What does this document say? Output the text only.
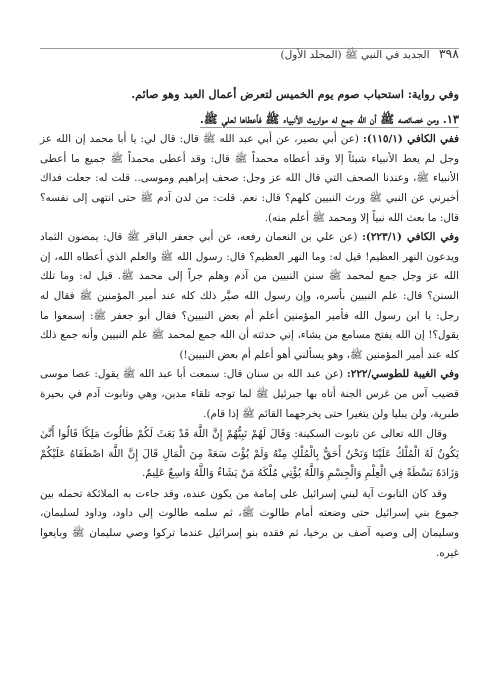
٣٩٨ الجديد في النبي ﷺ (المجلد الأول)

وفي رواية: استحباب صوم يوم الخميس لتعرض أعمال العبد وهو صائم.

١٣. ومن خصائصه ﷺ أن الله جمع له مواريث الأنبياء ﷺ فأعطاها لعلي ﷺ.

ففي الكافي (١١٥/١): (عن أبي بصير، عن أبي عبد الله ﷺ قال: قال لي: يا أبا محمد إن الله عز وجل لم يعط الأنبياء شيئاً إلا وقد أعطاه محمداً ﷺ قال: وقد أعطى محمداً ﷺ جميع ما أعطى الأنبياء ﷺ، وعندنا الصحف التي قال الله عز وجل: صحف إبراهيم وموسى.. قلت له: جعلت فداك أخبرني عن النبي ﷺ ورث النبيين كلهم؟ قال: نعم. قلت: من لدن آدم ﷺ حتى انتهى إلى نفسه؟ قال: ما بعث الله نبياً إلا ومحمد ﷺ أعلم منه).

وفي الكافي (٢٢٣/١): (عن علي بن النعمان رفعه، عن أبي جعفر الباقر ﷺ قال: يمصون الثماد ويدعون النهر العظيم! قيل له: وما النهر العظيم؟ قال: رسول الله ﷺ والعلم الذي أعطاه الله، إن الله عز وجل جمع لمحمد ﷺ سنن النبيين من آدم وهلم جراً إلى محمد ﷺ. قيل له: وما تلك السنن؟ قال: علم النبيين بأسره، وإن رسول الله صيَّر ذلك كله عند أمير المؤمنين ﷺ فقال له رجل: يا ابن رسول الله فأمير المؤمنين أعلم أم بعض النبيين؟ فقال أبو جعفر ﷺ: إسمعوا ما يقول؟! إن الله يفتح مسامع من يشاء، إني حدثته أن الله جمع لمحمد ﷺ علم النبيين وأنه جمع ذلك كله عند أمير المؤمنين ﷺ، وهو يسألني أهو أعلم أم بعض النبيين!)

وفي الغيبة للطوسي/٢٢٢: (عن عبد الله بن سنان قال: سمعت أبا عبد الله ﷺ يقول: عصا موسى قضيب آس من غرس الجنة أتاه بها جبرئيل ﷺ لما توجه تلقاء مدين، وهي وتابوت آدم في بحيرة طبرية، ولن يبليا ولن يتغيرا حتى يخرجهما القائم ﷺ إذا قام).

وقال الله تعالى عن تابوت السكينة: وَقَالَ لَهُمْ نَبِيُّهُمْ إِنَّ اللَّهَ قَدْ بَعَثَ لَكُمْ طَالُوتَ مَلِكًا قَالُوا أَنَّىٰ يَكُونُ لَهُ الْمُلْكُ عَلَيْنَا وَنَحْنُ أَحَقُّ بِالْمُلْكِ مِنْهُ وَلَمْ يُؤْتَ سَعَةً مِنَ الْمَالِ قَالَ إِنَّ اللَّهَ اصْطَفَاهُ عَلَيْكُمْ وَزَادَهُ بَسْطَةً فِي الْعِلْمِ وَالْجِسْمِ وَاللَّهُ يُؤْتِي مُلْكَهُ مَنْ يَشَاءُ وَاللَّهُ وَاسِعٌ عَلِيمٌ.

وقد كان التابوت آية لبني إسرائيل على إمامة من يكون عنده، وقد جاءت به الملائكة تحمله بين جموع بني إسرائيل حتى وضعته أمام طالوت ﷺ، ثم سلمه طالوت إلى داود، وداود لسليمان، وسليمان إلى وصيه آصف بن برخيا، ثم فقده بنو إسرائيل عندما تركوا وصي سليمان ﷺ وبايعوا غيره.
